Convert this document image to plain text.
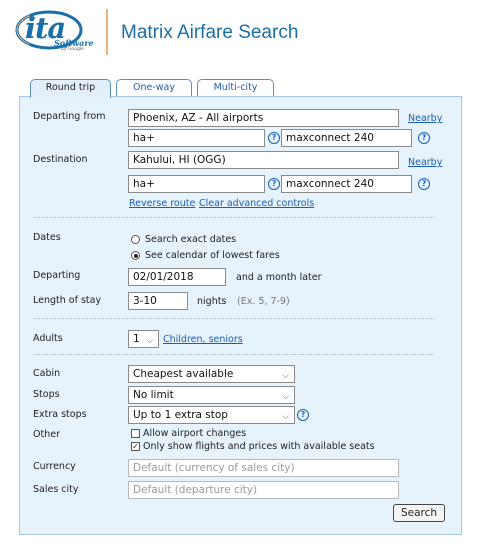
ita
Software
by Google
Matrix Airfare Search
Round trip	One-way	Multi-city
Departing from	Phoenix, AZ - All airports	Nearby
ha+	? maxconnect 240	?
Destination	Kahului, HI (OGG)	Nearby
ha+	? maxconnect 240	?
Reverse route Clear advanced controls
Dates	Search exact dates
See calendar of lowest fares
Departing	02/01/2018	and a month later
Length of stay	3-10	nights (Ex. 5, 7-9)
Adults	1 ⌵ Children, seniors
Cabin	Cheapest available	⌵
Stops	No limit	⌵
Extra stops	Up to 1 extra stop	⌵	?
Other	Allow airport changes
✓ Only show flights and prices with available seats
Currency	Default (currency of sales city)
Sales city	Default (departure city)
Search
